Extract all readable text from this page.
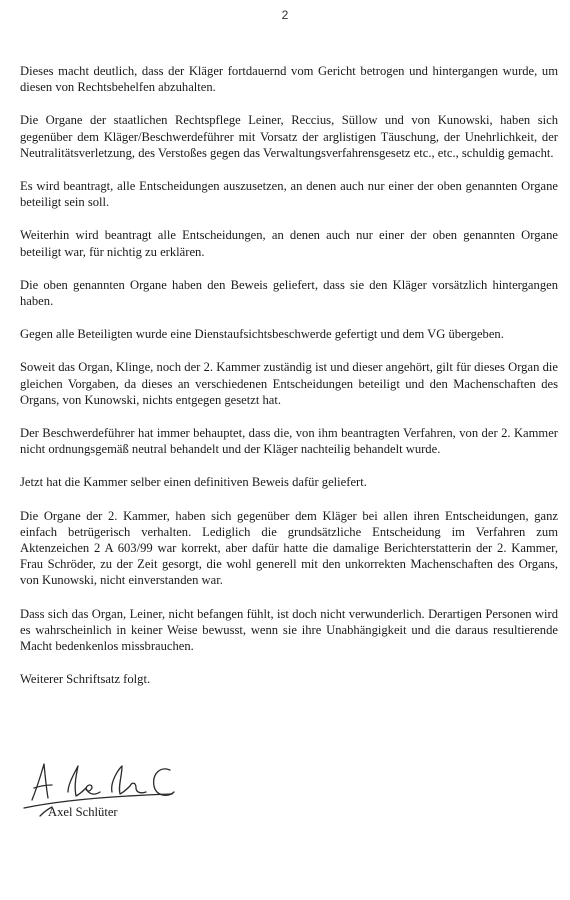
2

Dieses macht deutlich, dass der Kläger fortdauernd vom Gericht betrogen und hintergangen wurde, um diesen von Rechtsbehelfen abzuhalten.

Die Organe der staatlichen Rechtspflege Leiner, Reccius, Süllow und von Kunowski, haben sich gegenüber dem Kläger/Beschwerdeführer mit Vorsatz der arglistigen Täuschung, der Unehrlichkeit, der Neutralitätsverletzung, des Verstoßes gegen das Verwaltungsverfahrensgesetz etc., etc., schuldig gemacht.

Es wird beantragt, alle Entscheidungen auszusetzen, an denen auch nur einer der oben genannten Organe beteiligt sein soll.

Weiterhin wird beantragt alle Entscheidungen, an denen auch nur einer der oben genannten Organe beteiligt war, für nichtig zu erklären.

Die oben genannten Organe haben den Beweis geliefert, dass sie den Kläger vorsätzlich hintergangen haben.

Gegen alle Beteiligten wurde eine Dienstaufsichtsbeschwerde gefertigt und dem VG übergeben.

Soweit das Organ, Klinge, noch der 2. Kammer zuständig ist und dieser angehört, gilt für dieses Organ die gleichen Vorgaben, da dieses an verschiedenen Entscheidungen beteiligt und den Machenschaften des Organs, von Kunowski, nichts entgegen gesetzt hat.

Der Beschwerdeführer hat immer behauptet, dass die, von ihm beantragten Verfahren, von der 2. Kammer nicht ordnungsgemäß neutral behandelt und der Kläger nachteilig behandelt wurde.

Jetzt hat die Kammer selber einen definitiven Beweis dafür geliefert.

Die Organe der 2. Kammer, haben sich gegenüber dem Kläger bei allen ihren Entscheidungen, ganz einfach betrügerisch verhalten. Lediglich die grundsätzliche Entscheidung im Verfahren zum Aktenzeichen 2 A 603/99 war korrekt, aber dafür hatte die damalige Berichterstatterin der 2. Kammer, Frau Schröder, zu der Zeit gesorgt, die wohl generell mit den unkorrekten Machenschaften des Organs, von Kunowski, nicht einverstanden war.

Dass sich das Organ, Leiner, nicht befangen fühlt, ist doch nicht verwunderlich. Derartigen Personen wird es wahrscheinlich in keiner Weise bewusst, wenn sie ihre Unabhängigkeit und die daraus resultierende Macht bedenkenlos missbrauchen.

Weiterer Schriftsatz folgt.

Axel Schlüter
